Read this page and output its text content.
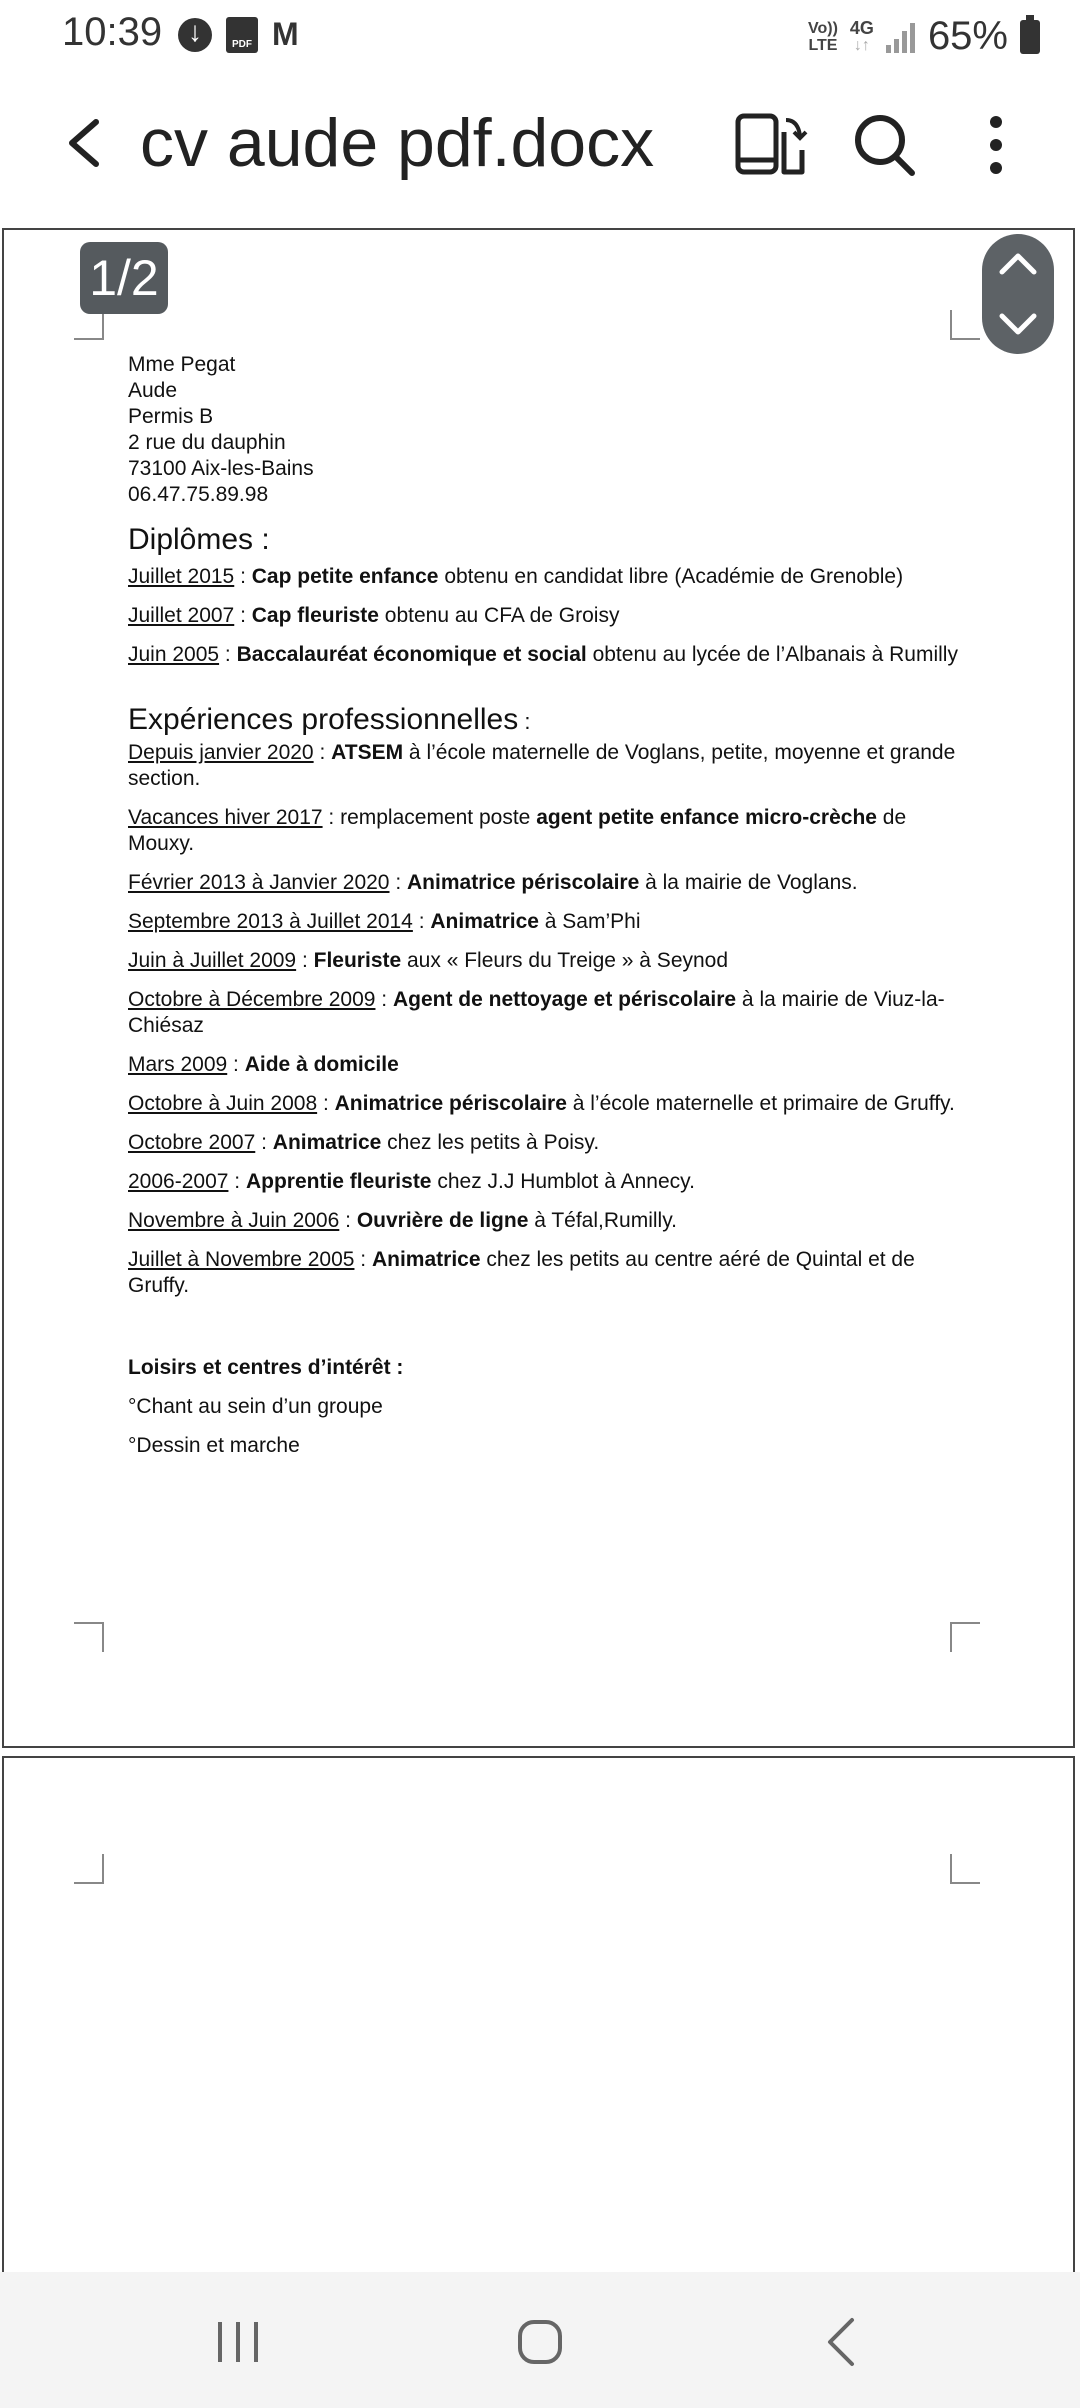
10:39
↓	PDF M	Vo))
LTE
4G
↓↑ 65%
cv aude pdf.docx
1/2
Mme Pegat
Aude
Permis B
2 rue du dauphin
73100 Aix-les-Bains
06.47.75.89.98
Diplômes :
Juillet 2015 : Cap petite enfance obtenu en candidat libre (Académie de Grenoble)
Juillet 2007 : Cap fleuriste obtenu au CFA de Groisy
Juin 2005 : Baccalauréat économique et social obtenu au lycée de l’Albanais à Rumilly
Expériences professionnelles :
Depuis janvier 2020 : ATSEM à l’école maternelle de Voglans, petite, moyenne et grande section.
Vacances hiver 2017 : remplacement poste agent petite enfance micro-crèche de Mouxy.
Février 2013 à Janvier 2020 : Animatrice périscolaire à la mairie de Voglans.
Septembre 2013 à Juillet 2014 : Animatrice à Sam’Phi
Juin à Juillet 2009 : Fleuriste aux « Fleurs du Treige » à Seynod
Octobre à Décembre 2009 : Agent de nettoyage et périscolaire à la mairie de Viuz-la-Chiésaz
Mars 2009 : Aide à domicile
Octobre à Juin 2008 : Animatrice périscolaire à l’école maternelle et primaire de Gruffy.
Octobre 2007 : Animatrice chez les petits à Poisy.
2006-2007 : Apprentie fleuriste chez J.J Humblot à Annecy.
Novembre à Juin 2006 : Ouvrière de ligne à Téfal,Rumilly.
Juillet à Novembre 2005 : Animatrice chez les petits au centre aéré de Quintal et de Gruffy.
Loisirs et centres d’intérêt :
°Chant au sein d’un groupe
°Dessin et marche
